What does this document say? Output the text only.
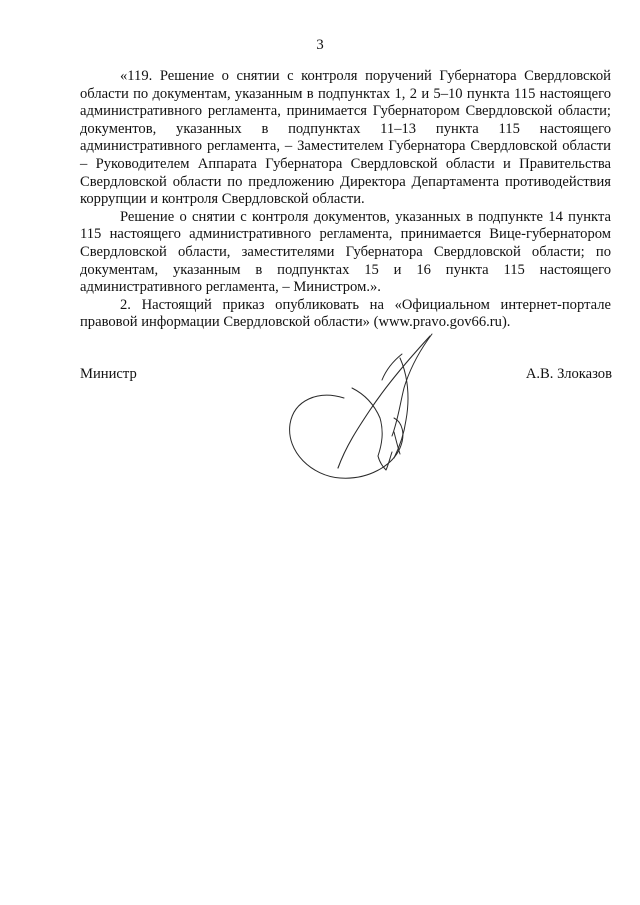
3

«119. Решение о снятии с контроля поручений Губернатора Свердловской области по документам, указанным в подпунктах 1, 2 и 5–10 пункта 115 настоящего административного регламента, принимается Губернатором Свердловской области; документов, указанных в подпунктах 11–13 пункта 115 настоящего административного регламента, – Заместителем Губернатора Свердловской области – Руководителем Аппарата Губернатора Свердловской области и Правительства Свердловской области по предложению Директора Департамента противодействия коррупции и контроля Свердловской области.

Решение о снятии с контроля документов, указанных в подпункте 14 пункта 115 настоящего административного регламента, принимается Вице-губернатором Свердловской области, заместителями Губернатора Свердловской области; по документам, указанным в подпунктах 15 и 16 пункта 115 настоящего административного регламента, – Министром.».

2. Настоящий приказ опубликовать на «Официальном интернет-портале правовой информации Свердловской области» (www.pravo.gov66.ru).

Министр	А.В. Злоказов
